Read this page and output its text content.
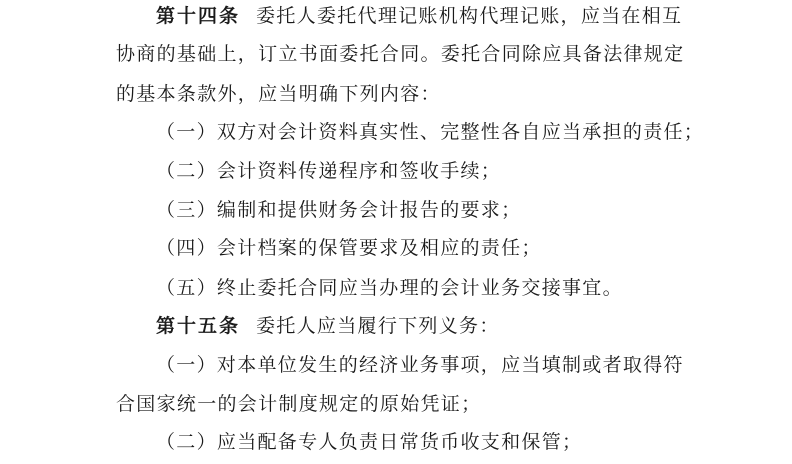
第十四条 委托人委托代理记账机构代理记账，应当在相互
协商的基础上，订立书面委托合同。委托合同除应具备法律规定
的基本条款外，应当明确下列内容：
（一）双方对会计资料真实性、完整性各自应当承担的责任；
（二）会计资料传递程序和签收手续；
（三）编制和提供财务会计报告的要求；
（四）会计档案的保管要求及相应的责任；
（五）终止委托合同应当办理的会计业务交接事宜。
第十五条 委托人应当履行下列义务：
（一）对本单位发生的经济业务事项，应当填制或者取得符
合国家统一的会计制度规定的原始凭证；
（二）应当配备专人负责日常货币收支和保管；
